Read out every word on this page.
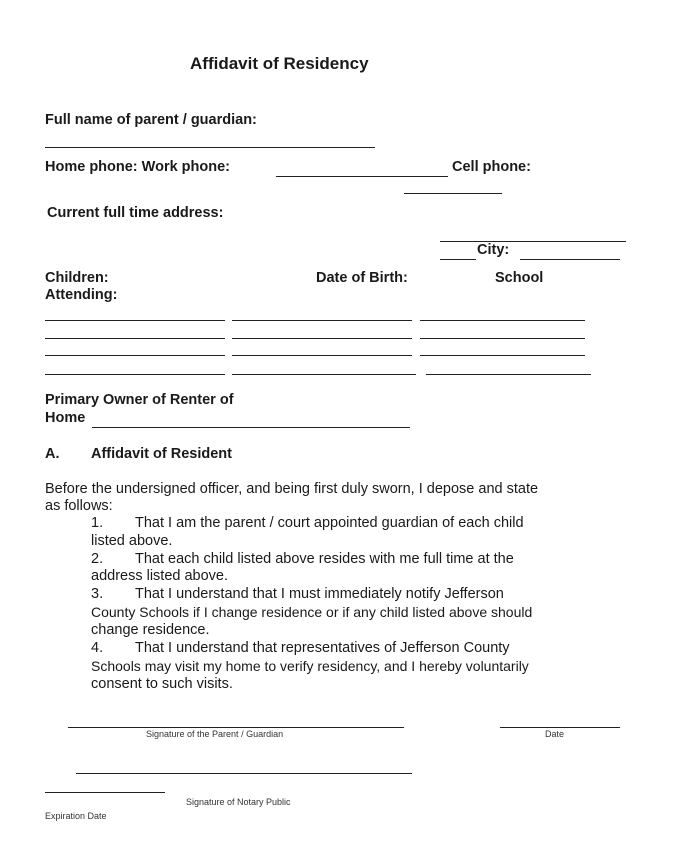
Affidavit of Residency
Full name of parent / guardian:
Home phone: Work phone:	Cell phone:
Current full time address:
City:
Children:
Attending:
Date of Birth:	School
Primary Owner of Renter of
Home
A. Affidavit of Resident
Before the undersigned officer, and being first duly sworn, I depose and state
as follows:
1. That I am the parent / court appointed guardian of each child
listed above.
2. That each child listed above resides with me full time at the
address listed above.
3. That I understand that I must immediately notify Jefferson
County Schools if I change residence or if any child listed above should
change residence.
4. That I understand that representatives of Jefferson County
Schools may visit my home to verify residency, and I hereby voluntarily
consent to such visits.
Signature of the Parent / Guardian	Date
Signature of Notary Public
Expiration Date
